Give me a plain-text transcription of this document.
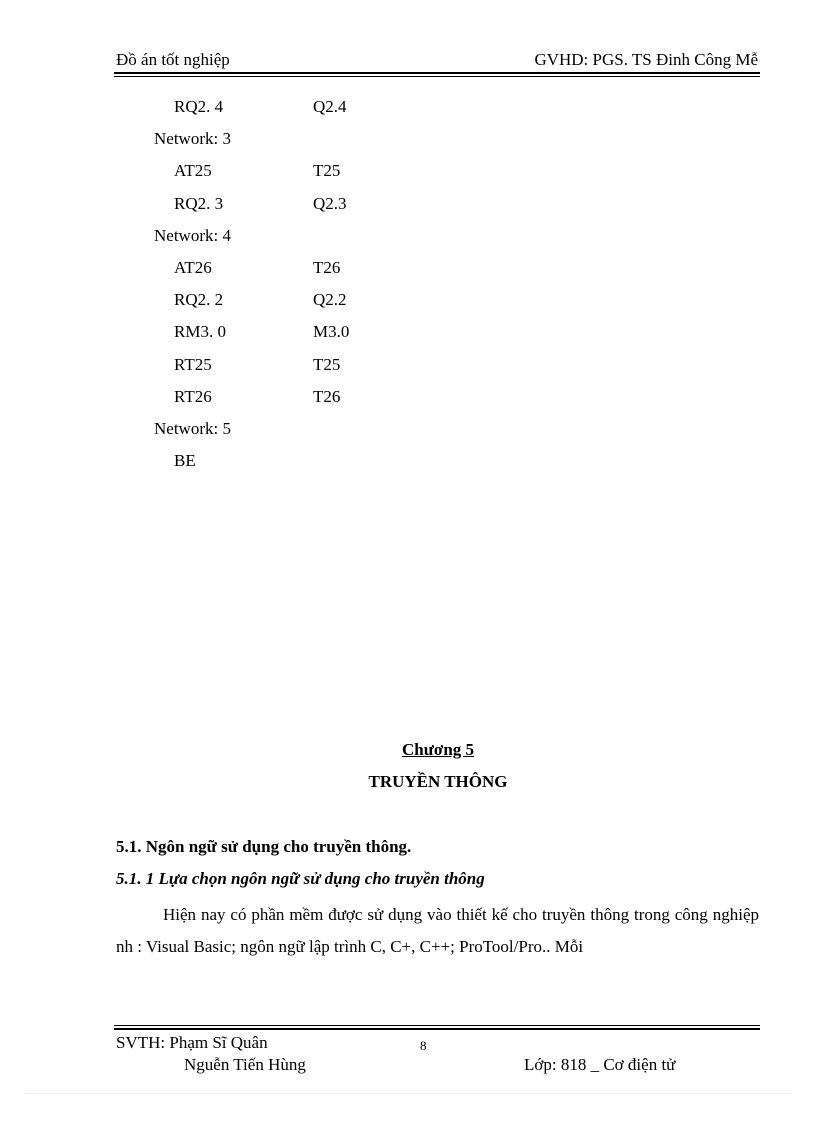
Đồ án tốt nghiệp	GVHD: PGS. TS Đinh Công Mễ
RQ2. 4	Q2.4
Network: 3
AT25	T25
RQ2. 3	Q2.3
Network: 4
AT26	T26
RQ2. 2	Q2.2
RM3. 0	M3.0
RT25	T25
RT26	T26
Network: 5
BE
Chương 5
TRUYỀN THÔNG
5.1. Ngôn ngữ sử dụng cho truyền thông.
5.1. 1 Lựa chọn ngôn ngữ sử dụng cho truyền thông
Hiện nay có phần mềm được sử dụng vào thiết kế cho truyền thông trong công nghiệp nh : Visual Basic; ngôn ngữ lập trình C, C+, C++; ProTool/Pro.. Mỗi
SVTH: Phạm Sĩ Quân
Nguễn Tiến Hùng
8
Lớp: 818 _ Cơ điện tử
